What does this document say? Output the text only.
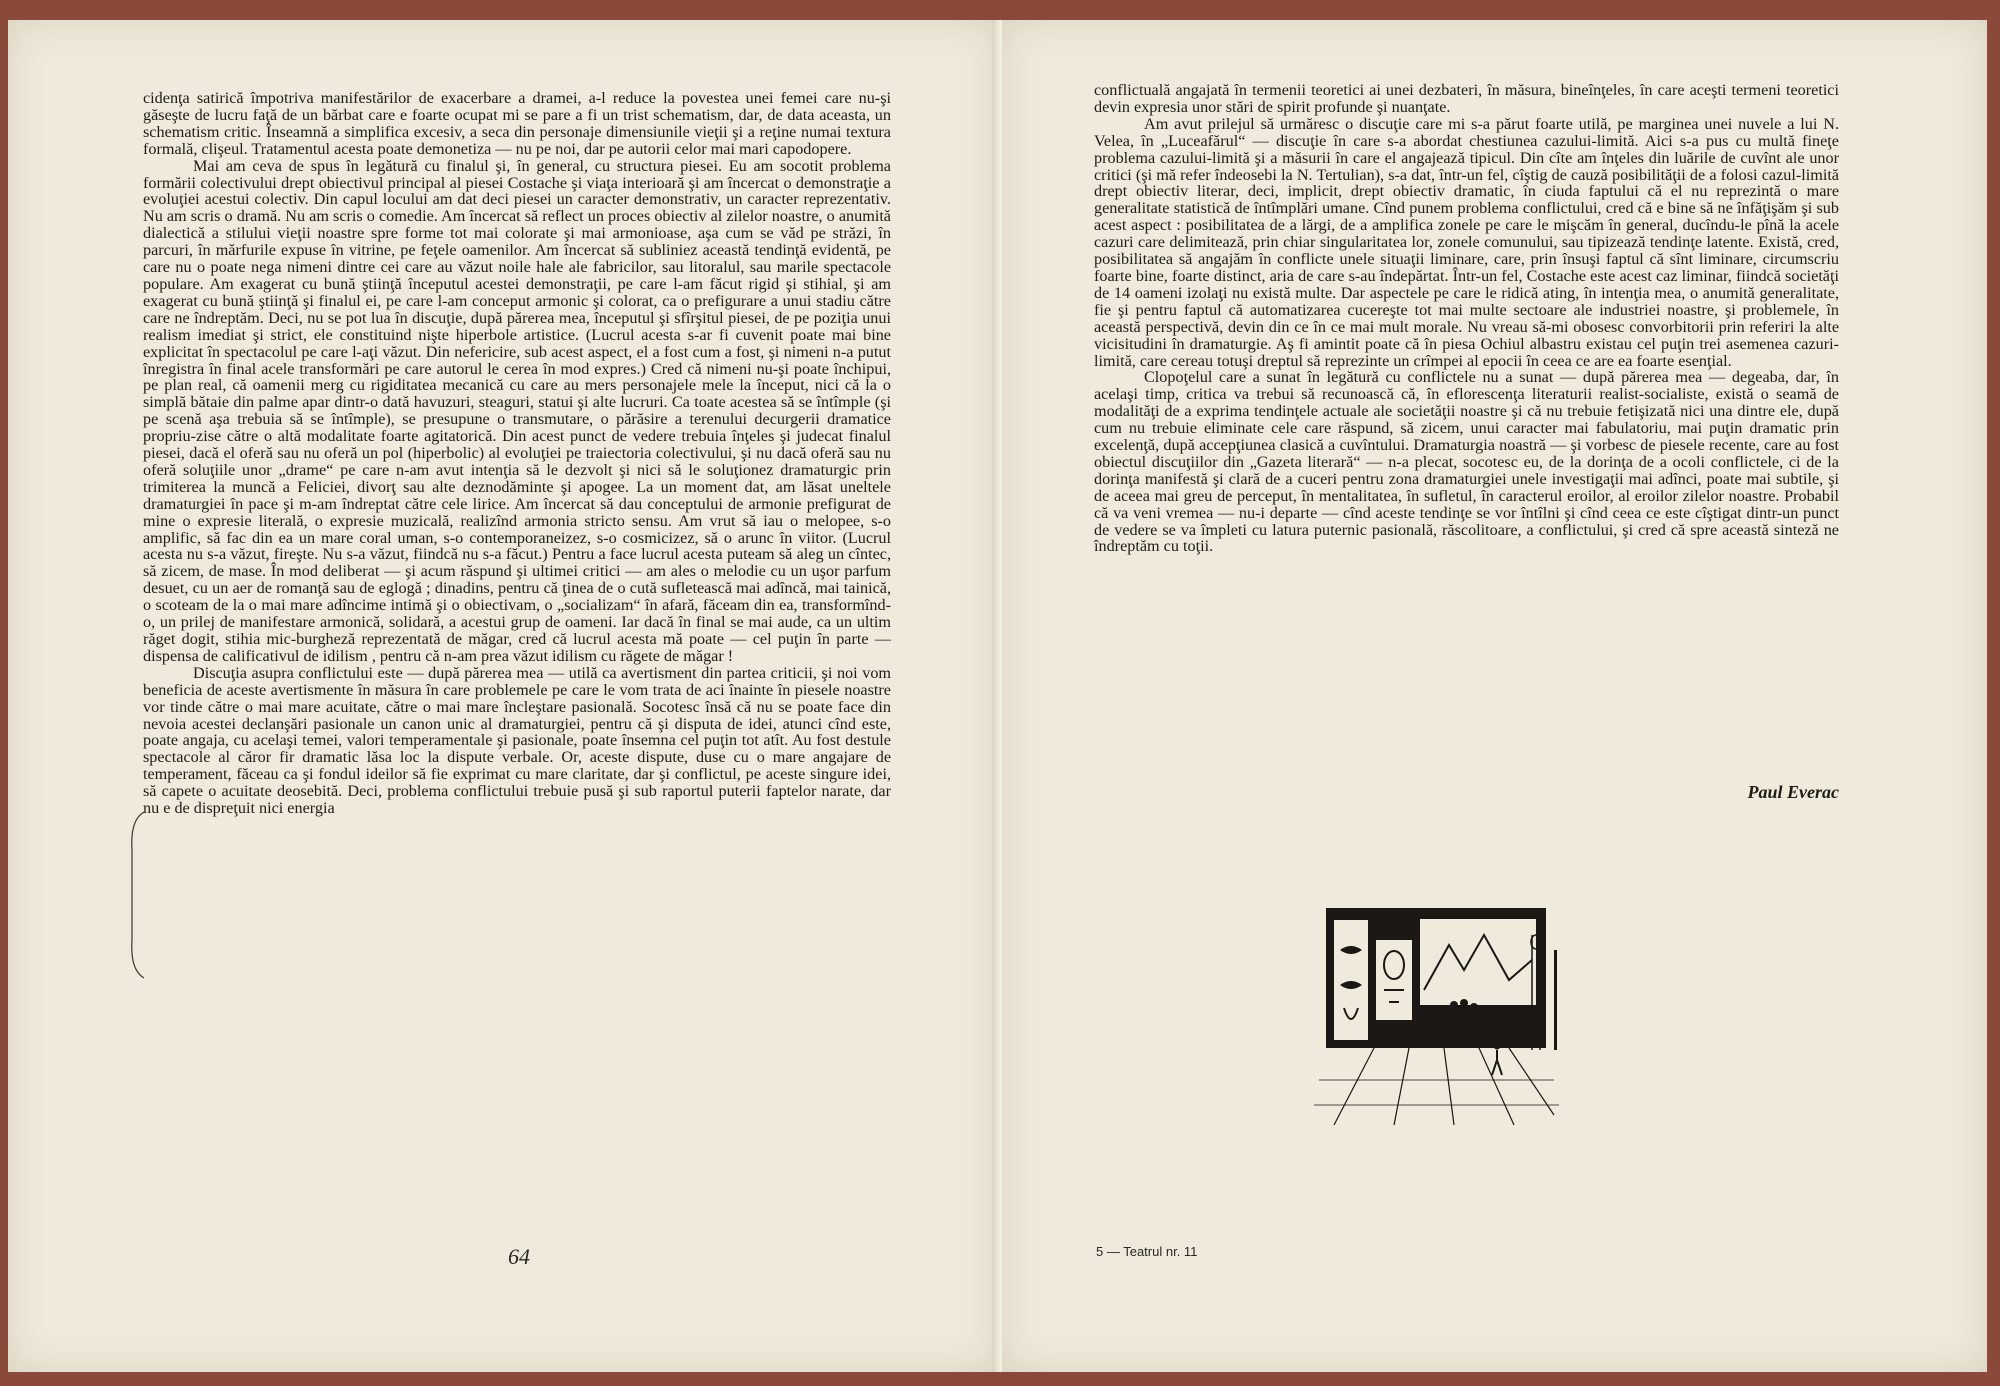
cidenţa satirică împotriva manifestărilor de exacerbare a dramei, a-l reduce la povestea unei femei care nu-şi găseşte de lucru faţă de un bărbat care e foarte ocupat mi se pare a fi un trist schematism, dar, de data aceasta, un schematism critic. Înseamnă a simplifica excesiv, a seca din personaje dimensiunile vieţii şi a reţine numai textura formală, clişeul. Tratamentul acesta poate demonetiza — nu pe noi, dar pe autorii celor mai mari capodopere.

Mai am ceva de spus în legătură cu finalul şi, în general, cu structura piesei. Eu am socotit problema formării colectivului drept obiectivul principal al piesei Costache şi viaţa interioară şi am încercat o demonstraţie a evoluţiei acestui colectiv. Din capul locului am dat deci piesei un caracter demonstrativ, un caracter reprezentativ. Nu am scris o dramă. Nu am scris o comedie. Am încercat să reflect un proces obiectiv al zilelor noastre, o anumită dialectică a stilului vieţii noastre spre forme tot mai colorate şi mai armonioase, aşa cum se văd pe străzi, în parcuri, în mărfurile expuse în vitrine, pe feţele oamenilor. Am încercat să subliniez această tendinţă evidentă, pe care nu o poate nega nimeni dintre cei care au văzut noile hale ale fabricilor, sau litoralul, sau marile spectacole populare. Am exagerat cu bună ştiinţă începutul acestei demonstraţii, pe care l-am făcut rigid şi stihial, şi am exagerat cu bună ştiinţă şi finalul ei, pe care l-am conceput armonic şi colorat, ca o prefigurare a unui stadiu către care ne îndreptăm. Deci, nu se pot lua în discuţie, după părerea mea, începutul şi sfîrşitul piesei, de pe poziţia unui realism imediat şi strict, ele constituind nişte hiperbole artistice. (Lucrul acesta s-ar fi cuvenit poate mai bine explicitat în spectacolul pe care l-aţi văzut. Din nefericire, sub acest aspect, el a fost cum a fost, şi nimeni n-a putut înregistra în final acele transformări pe care autorul le cerea în mod expres.) Cred că nimeni nu-şi poate închipui, pe plan real, că oamenii merg cu rigiditatea mecanică cu care au mers personajele mele la început, nici că la o simplă bătaie din palme apar dintr-o dată havuzuri, steaguri, statui şi alte lucruri. Ca toate acestea să se întîmple (şi pe scenă aşa trebuia să se întîmple), se presupune o transmutare, o părăsire a terenului decurgerii dramatice propriu-zise către o altă modalitate foarte agitatorică. Din acest punct de vedere trebuia înţeles şi judecat finalul piesei, dacă el oferă sau nu oferă un pol (hiperbolic) al evoluţiei pe traiectoria colectivului, şi nu dacă oferă sau nu oferă soluţiile unor „drame“ pe care n-am avut intenţia să le dezvolt şi nici să le soluţionez dramaturgic prin trimiterea la muncă a Feliciei, divorţ sau alte deznodăminte şi apogee. La un moment dat, am lăsat uneltele dramaturgiei în pace şi m-am îndreptat către cele lirice. Am încercat să dau conceptului de armonie prefigurat de mine o expresie literală, o expresie muzicală, realizînd armonia stricto sensu. Am vrut să iau o melopee, s-o amplific, să fac din ea un mare coral uman, s-o contemporaneizez, s-o cosmicizez, să o arunc în viitor. (Lucrul acesta nu s-a văzut, fireşte. Nu s-a văzut, fiindcă nu s-a făcut.) Pentru a face lucrul acesta puteam să aleg un cîntec, să zicem, de mase. În mod deliberat — şi acum răspund şi ultimei critici — am ales o melodie cu un uşor parfum desuet, cu un aer de romanţă sau de eglogă ; dinadins, pentru că ţinea de o cută sufletească mai adîncă, mai tainică, o scoteam de la o mai mare adîncime intimă şi o obiectivam, o „socializam“ în afară, făceam din ea, transformînd-o, un prilej de manifestare armonică, solidară, a acestui grup de oameni. Iar dacă în final se mai aude, ca un ultim răget dogit, stihia mic-burgheză reprezentată de măgar, cred că lucrul acesta mă poate — cel puţin în parte — dispensa de calificativul de idilism , pentru că n-am prea văzut idilism cu răgete de măgar !

Discuţia asupra conflictului este — după părerea mea — utilă ca avertisment din partea criticii, şi noi vom beneficia de aceste avertismente în măsura în care problemele pe care le vom trata de aci înainte în piesele noastre vor tinde către o mai mare acuitate, către o mai mare încleştare pasională. Socotesc însă că nu se poate face din nevoia acestei declanşări pasionale un canon unic al dramaturgiei, pentru că şi disputa de idei, atunci cînd este, poate angaja, cu acelaşi temei, valori temperamentale şi pasionale, poate însemna cel puţin tot atît. Au fost destule spectacole al căror fir dramatic lăsa loc la dispute verbale. Or, aceste dispute, duse cu o mare angajare de temperament, făceau ca şi fondul ideilor să fie exprimat cu mare claritate, dar şi conflictul, pe aceste singure idei, să capete o acuitate deosebită. Deci, problema conflictului trebuie pusă şi sub raportul puterii faptelor narate, dar nu e de dispreţuit nici energia

64

conflictuală angajată în termenii teoretici ai unei dezbateri, în măsura, bineînţeles, în care aceşti termeni teoretici devin expresia unor stări de spirit profunde şi nuanţate.

Am avut prilejul să urmăresc o discuţie care mi s-a părut foarte utilă, pe marginea unei nuvele a lui N. Velea, în „Luceafărul“ — discuţie în care s-a abordat chestiunea cazului-limită. Aici s-a pus cu multă fineţe problema cazului-limită şi a măsurii în care el angajează tipicul. Din cîte am înţeles din luările de cuvînt ale unor critici (şi mă refer îndeosebi la N. Tertulian), s-a dat, într-un fel, cîştig de cauză posibilităţii de a folosi cazul-limită drept obiectiv literar, deci, implicit, drept obiectiv dramatic, în ciuda faptului că el nu reprezintă o mare generalitate statistică de întîmplări umane. Cînd punem problema conflictului, cred că e bine să ne înfăţişăm şi sub acest aspect : posibilitatea de a lărgi, de a amplifica zonele pe care le mişcăm în general, ducîndu-le pînă la acele cazuri care delimitează, prin chiar singularitatea lor, zonele comunului, sau tipizează tendinţe latente. Există, cred, posibilitatea să angajăm în conflicte unele situaţii liminare, care, prin însuşi faptul că sînt liminare, circumscriu foarte bine, foarte distinct, aria de care s-au îndepărtat. Într-un fel, Costache este acest caz liminar, fiindcă societăţi de 14 oameni izolaţi nu există multe. Dar aspectele pe care le ridică ating, în intenţia mea, o anumită generalitate, fie şi pentru faptul că automatizarea cucereşte tot mai multe sectoare ale industriei noastre, şi problemele, în această perspectivă, devin din ce în ce mai mult morale. Nu vreau să-mi obosesc convorbitorii prin referiri la alte vicisitudini în dramaturgie. Aş fi amintit poate că în piesa Ochiul albastru existau cel puţin trei asemenea cazuri-limită, care cereau totuşi dreptul să reprezinte un crîmpei al epocii în ceea ce are ea foarte esenţial.

Clopoţelul care a sunat în legătură cu conflictele nu a sunat — după părerea mea — degeaba, dar, în acelaşi timp, critica va trebui să recunoască că, în eflorescenţa literaturii realist-socialiste, există o seamă de modalităţi de a exprima tendinţele actuale ale societăţii noastre şi că nu trebuie fetişizată nici una dintre ele, după cum nu trebuie eliminate cele care răspund, să zicem, unui caracter mai fabulatoriu, mai puţin dramatic prin excelenţă, după accepţiunea clasică a cuvîntului. Dramaturgia noastră — şi vorbesc de piesele recente, care au fost obiectul discuţiilor din „Gazeta literară“ — n-a plecat, socotesc eu, de la dorinţa de a ocoli conflictele, ci de la dorinţa manifestă şi clară de a cuceri pentru zona dramaturgiei unele investigaţii mai adînci, poate mai subtile, şi de aceea mai greu de perceput, în mentalitatea, în sufletul, în caracterul eroilor, al eroilor zilelor noastre. Probabil că va veni vremea — nu-i departe — cînd aceste tendinţe se vor întîlni şi cînd ceea ce este cîştigat dintr-un punct de vedere se va împleti cu latura puternic pasională, răscolitoare, a conflictului, şi cred că spre această sinteză ne îndreptăm cu toţii.

Paul Everac
5 — Teatrul nr. 11
